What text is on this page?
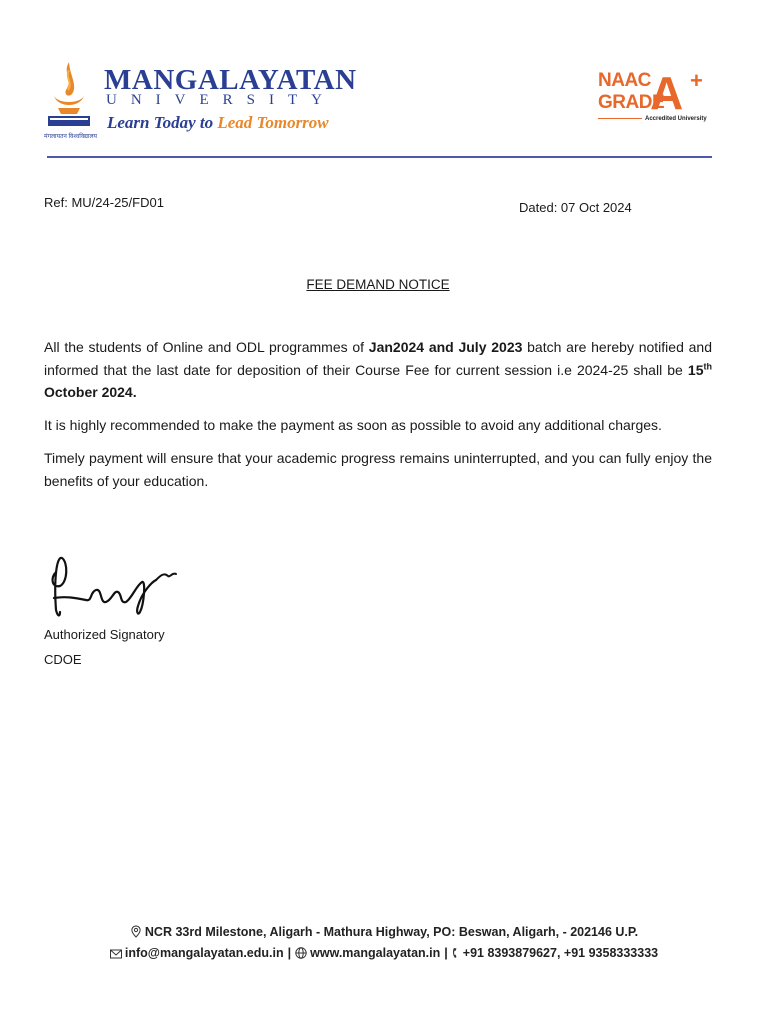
MANGALAYATAN
UNIVERSITY
Learn Today to Lead Tomorrow
मंगलायतन विश्वविद्यालय
NAAC
GRADE
A +
Accredited University
Ref: MU/24-25/FD01	Dated: 07 Oct 2024
FEE DEMAND NOTICE
All the students of Online and ODL programmes of Jan2024 and July 2023 batch are hereby notified and informed that the last date for deposition of their Course Fee for current session i.e 2024-25 shall be 15th October 2024.
It is highly recommended to make the payment as soon as possible to avoid any additional charges.
Timely payment will ensure that your academic progress remains uninterrupted, and you can fully enjoy the benefits of your education.
Authorized Signatory
CDOE
NCR 33rd Milestone, Aligarh - Mathura Highway, PO: Beswan, Aligarh, - 202146 U.P.
info@mangalayatan.edu.in | www.mangalayatan.in | +91 8393879627, +91 9358333333
